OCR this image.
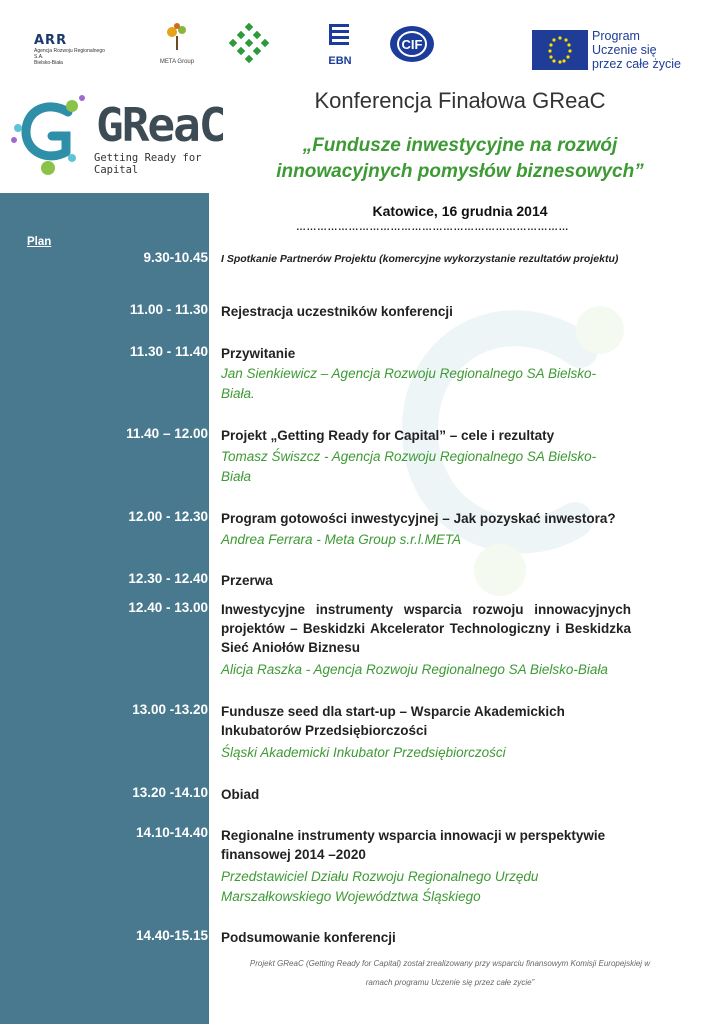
ARR
Agencja Rozwoju Regionalnego S.A.
Bielsko-Biała	META Group	EBN
CIF
Program
Uczenie się
przez całe życie
GReaC
Getting Ready for Capital
Konferencja Finałowa GReaC
„Fundusze inwestycyjne na rozwój
innowacyjnych pomysłów biznesowych”
Katowice, 16 grudnia 2014
……………………………………………………………………
Plan
9.30-10.45 I Spotkanie Partnerów Projektu (komercyjne wykorzystanie rezultatów projektu)
11.00 - 11.30 Rejestracja uczestników konferencji
11.30 - 11.40 Przywitanie
Jan Sienkiewicz – Agencja Rozwoju Regionalnego SA Bielsko-Biała.
11.40 – 12.00 Projekt „Getting Ready for Capital” – cele i rezultaty
Tomasz Świszcz - Agencja Rozwoju Regionalnego SA Bielsko-Biała
12.00 - 12.30 Program gotowości inwestycyjnej – Jak pozyskać inwestora?
Andrea Ferrara - Meta Group s.r.l.META
12.30 - 12.40 Przerwa
12.40 - 13.00 Inwestycyjne instrumenty wsparcia rozwoju innowacyjnych projektów – Beskidzki Akcelerator Technologiczny i Beskidzka Sieć Aniołów Biznesu
Alicja Raszka - Agencja Rozwoju Regionalnego SA Bielsko-Biała
13.00 -13.20 Fundusze seed dla start-up – Wsparcie Akademickich Inkubatorów Przedsiębiorczości
Śląski Akademicki Inkubator Przedsiębiorczości
13.20 -14.10 Obiad
14.10-14.40 Regionalne instrumenty wsparcia innowacji w perspektywie finansowej 2014 –2020
Przedstawiciel Działu Rozwoju Regionalnego Urzędu Marszałkowskiego Województwa Śląskiego
14.40-15.15 Podsumowanie konferencji
Projekt GReaC (Getting Ready for Capital) został zrealizowany przy wsparciu finansowym Komisji Europejskiej w
ramach programu Uczenie się przez całe zycie”
